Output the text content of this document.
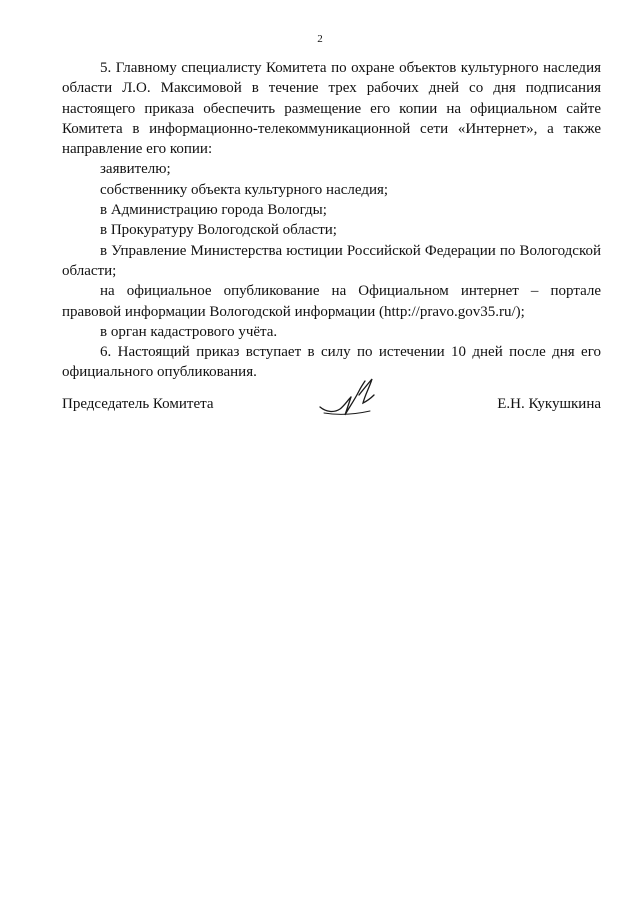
2

5. Главному специалисту Комитета по охране объектов культурного наследия области Л.О. Максимовой в течение трех рабочих дней со дня подписания настоящего приказа обеспечить размещение его копии на официальном сайте Комитета в информационно-телекоммуникационной сети «Интернет», а также направление его копии:

заявителю;

собственнику объекта культурного наследия;

в Администрацию города Вологды;

в Прокуратуру Вологодской области;

в Управление Министерства юстиции Российской Федерации по Вологодской области;

на официальное опубликование на Официальном интернет – портале правовой информации Вологодской информации (http://pravo.gov35.ru/);

в орган кадастрового учёта.

6. Настоящий приказ вступает в силу по истечении 10 дней после дня его официального опубликования.

Председатель Комитета	Е.Н. Кукушкина
